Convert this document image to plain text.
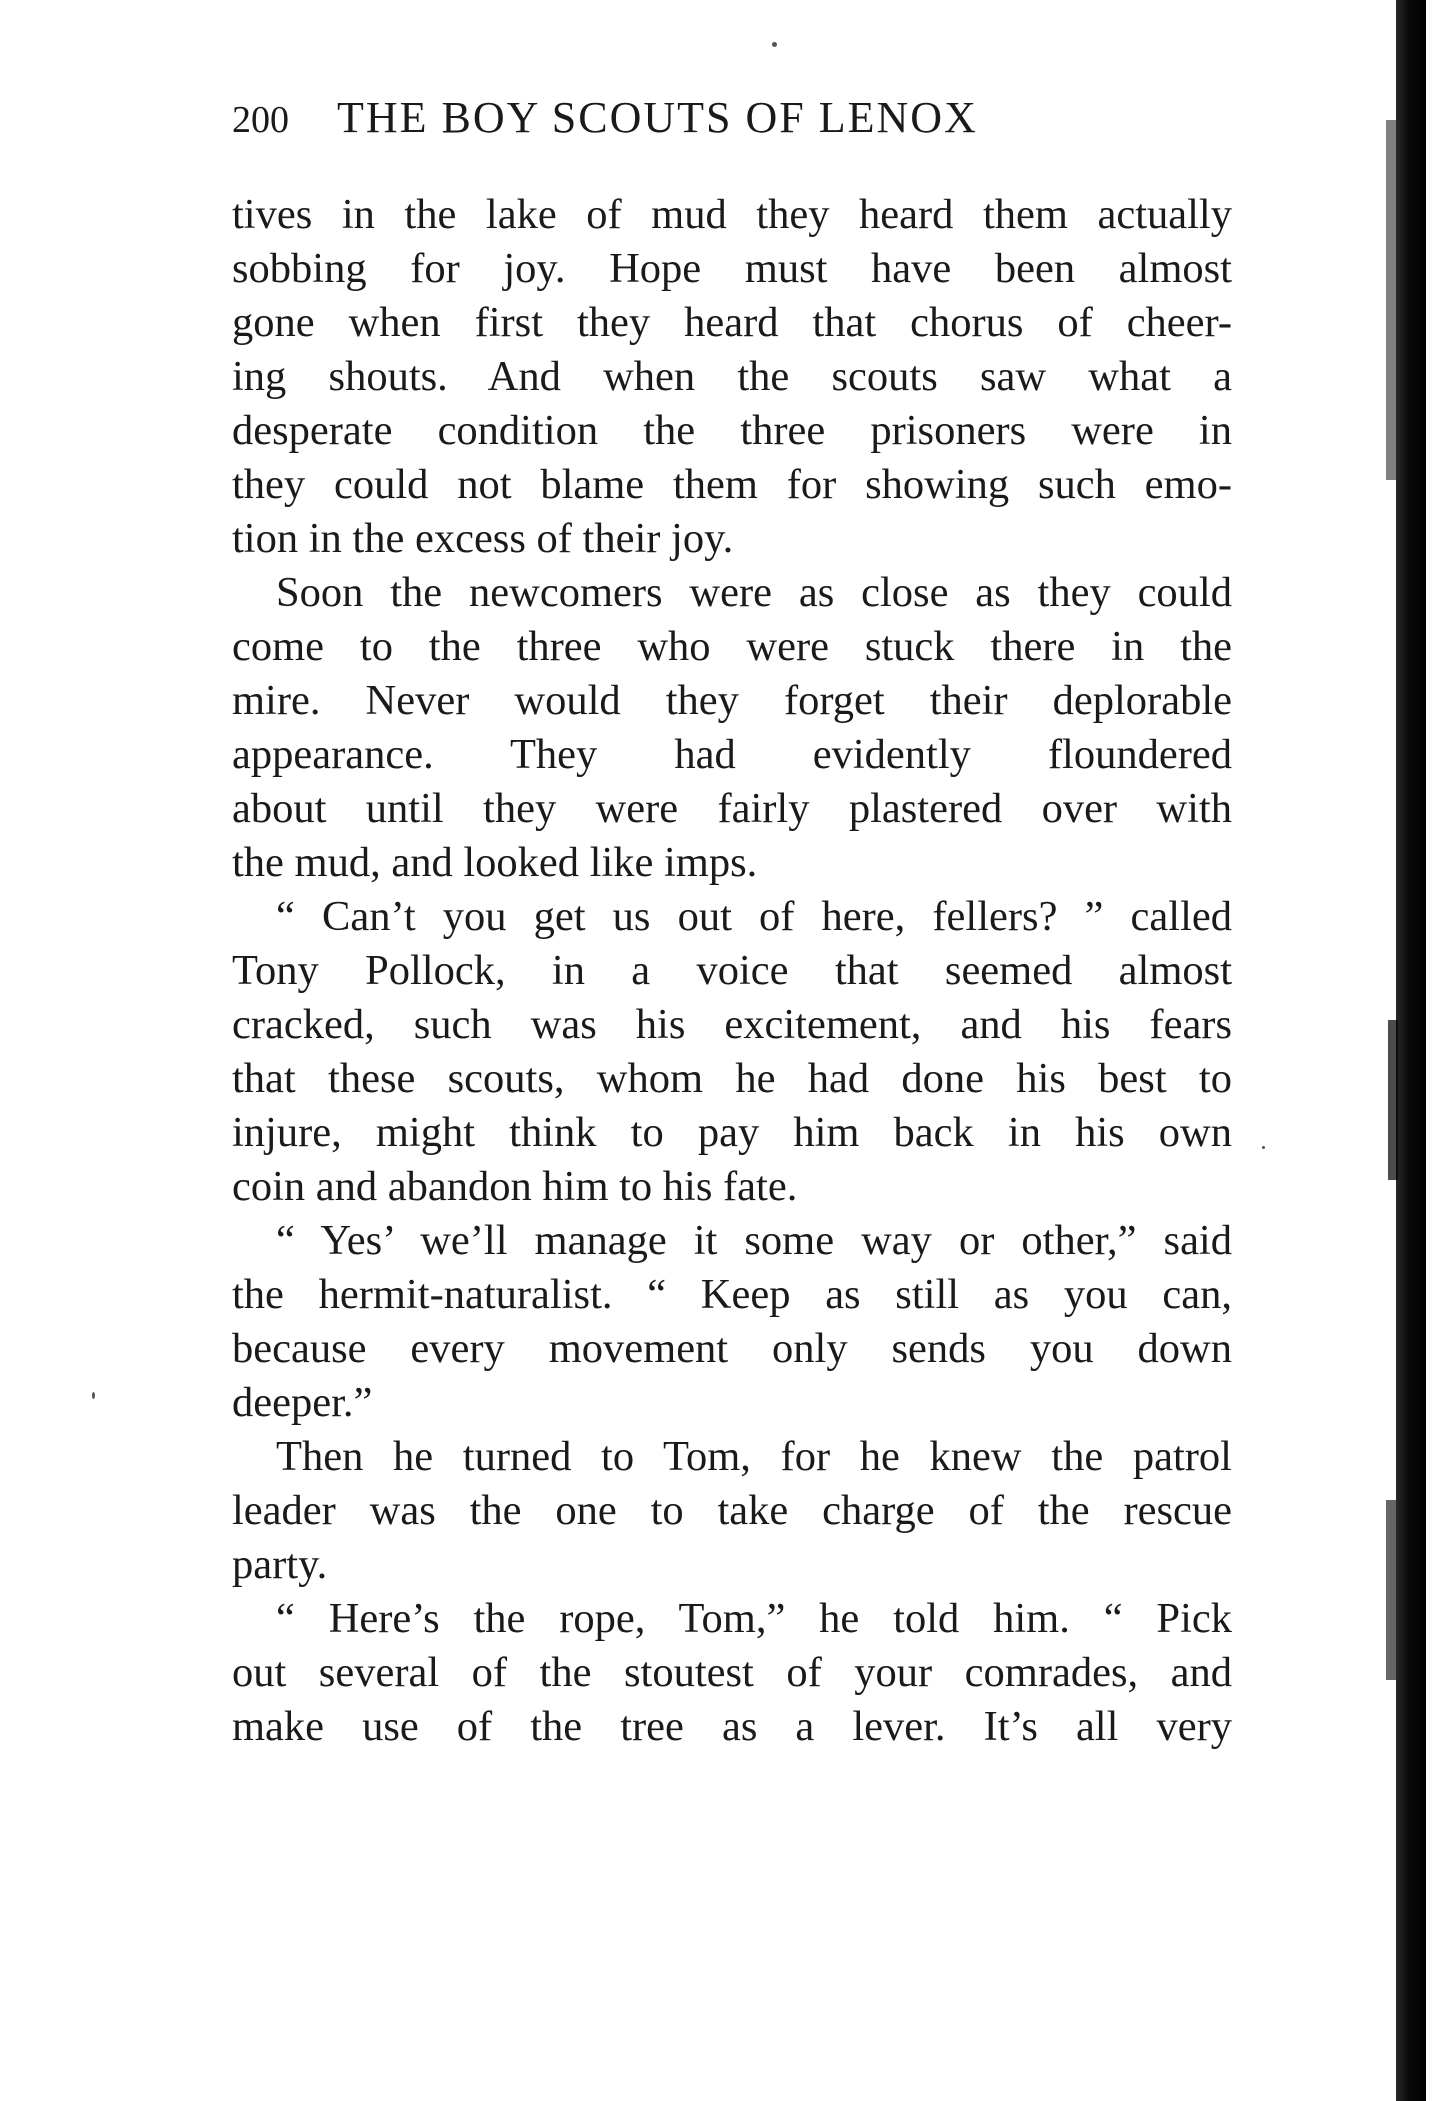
200 THE BOY SCOUTS OF LENOX
tives in the lake of mud they heard them actually
sobbing for joy. Hope must have been almost
gone when first they heard that chorus of cheer-
ing shouts. And when the scouts saw what a
desperate condition the three prisoners were in
they could not blame them for showing such emo-
tion in the excess of their joy.
Soon the newcomers were as close as they could
come to the three who were stuck there in the
mire. Never would they forget their deplorable
appearance. They had evidently floundered
about until they were fairly plastered over with
the mud, and looked like imps.
“ Can’t you get us out of here, fellers? ” called
Tony Pollock, in a voice that seemed almost
cracked, such was his excitement, and his fears
that these scouts, whom he had done his best to
injure, might think to pay him back in his own
coin and abandon him to his fate.
“ Yes’ we’ll manage it some way or other,” said
the hermit-naturalist. “ Keep as still as you can,
because every movement only sends you down
deeper.”
Then he turned to Tom, for he knew the patrol
leader was the one to take charge of the rescue
party.
“ Here’s the rope, Tom,” he told him. “ Pick
out several of the stoutest of your comrades, and
make use of the tree as a lever. It’s all very
